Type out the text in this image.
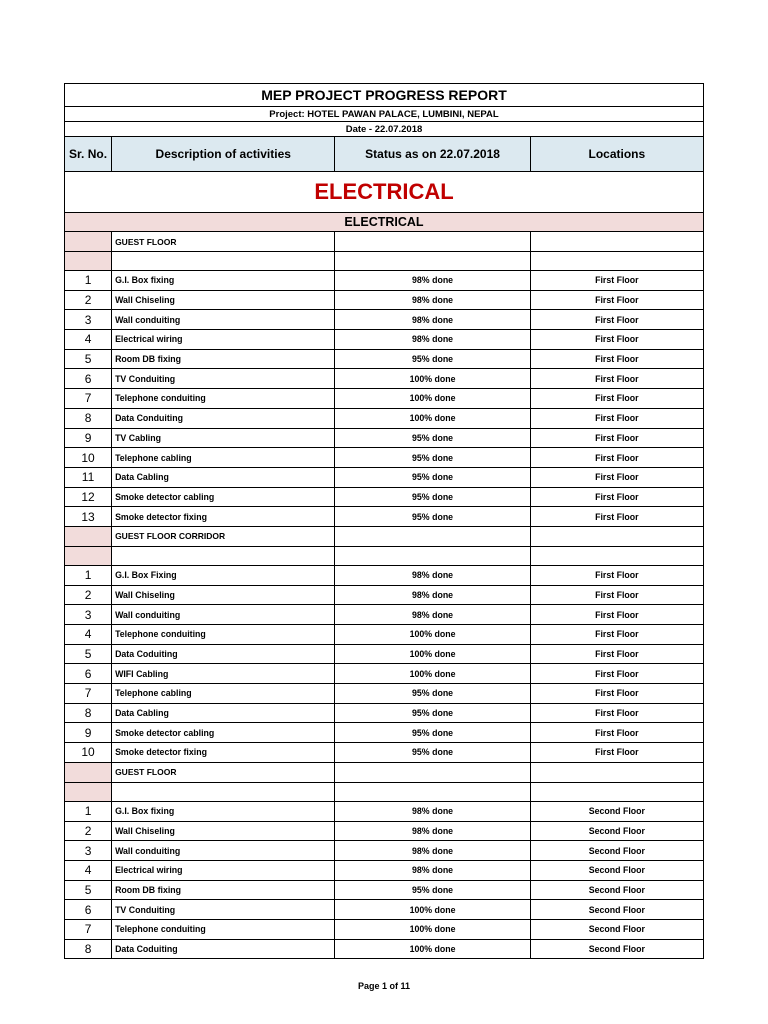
MEP PROJECT PROGRESS REPORT			
Project: HOTEL PAWAN PALACE, LUMBINI, NEPAL			
Date - 22.07.2018			
Sr. No.	Description of activities	Status as on 22.07.2018	Locations
ELECTRICAL			
ELECTRICAL			
	GUEST FLOOR		

1	G.I. Box fixing	98% done	First Floor
2	Wall Chiseling	98% done	First Floor
3	Wall conduiting	98% done	First Floor
4	Electrical wiring	98% done	First Floor
5	Room DB fixing	95% done	First Floor
6	TV Conduiting	100% done	First Floor
7	Telephone conduiting	100% done	First Floor
8	Data Conduiting	100% done	First Floor
9	TV Cabling	95% done	First Floor
10	Telephone cabling	95% done	First Floor
11	Data Cabling	95% done	First Floor
12	Smoke detector cabling	95% done	First Floor
13	Smoke detector fixing	95% done	First Floor
	GUEST FLOOR CORRIDOR		

1	G.I. Box Fixing	98% done	First Floor
2	Wall Chiseling	98% done	First Floor
3	Wall conduiting	98% done	First Floor
4	Telephone conduiting	100% done	First Floor
5	Data Coduiting	100% done	First Floor
6	WIFI Cabling	100% done	First Floor
7	Telephone cabling	95% done	First Floor
8	Data Cabling	95% done	First Floor
9	Smoke detector cabling	95% done	First Floor
10	Smoke detector fixing	95% done	First Floor
	GUEST FLOOR		

1	G.I. Box fixing	98% done	Second Floor
2	Wall Chiseling	98% done	Second Floor
3	Wall conduiting	98% done	Second Floor
4	Electrical wiring	98% done	Second Floor
5	Room DB fixing	95% done	Second Floor
6	TV Conduiting	100% done	Second Floor
7	Telephone conduiting	100% done	Second Floor
8	Data Coduiting	100% done	Second Floor
Page 1 of 11
